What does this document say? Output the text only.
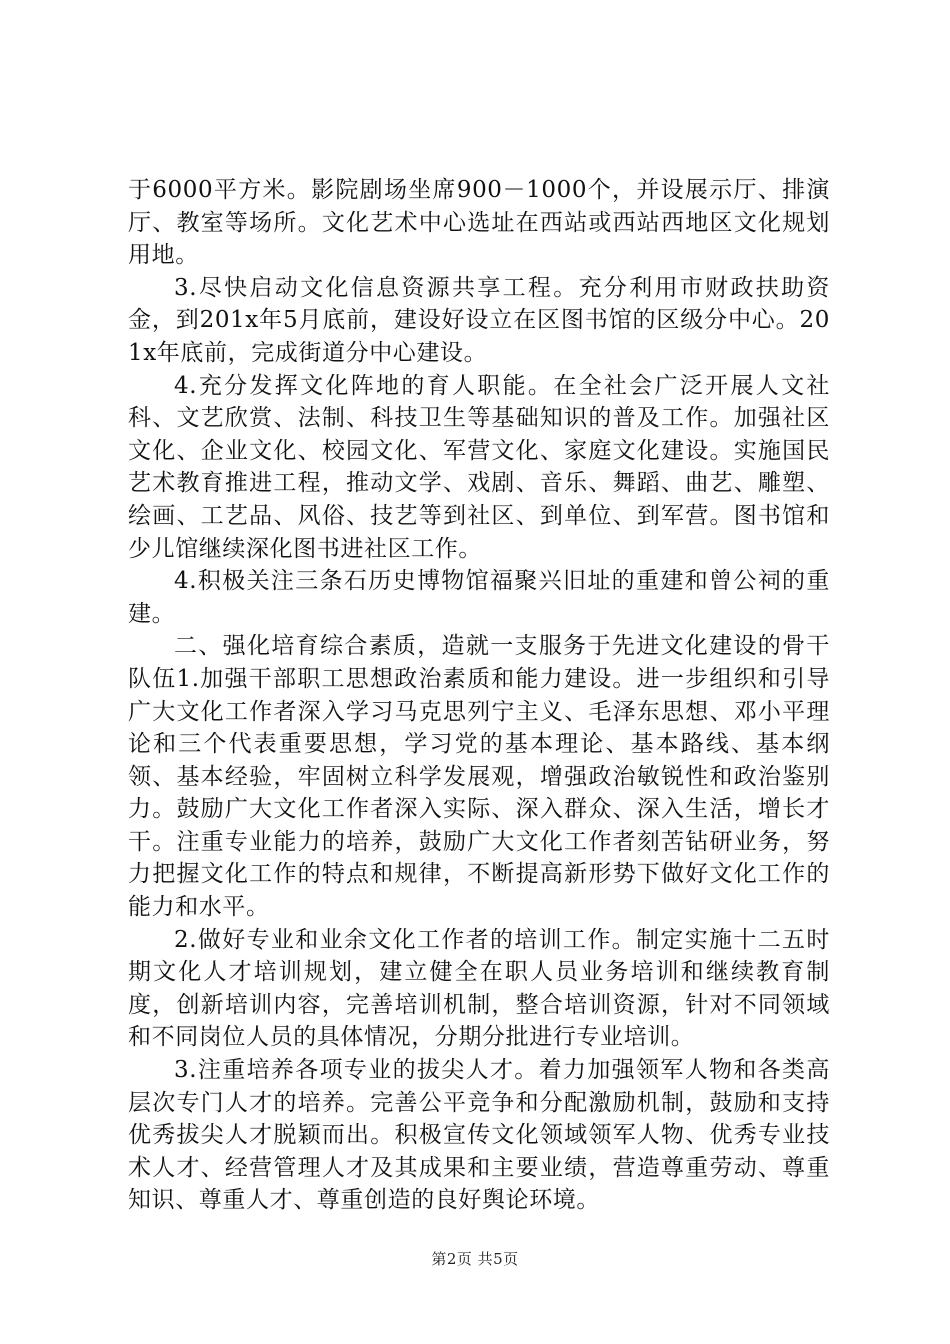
于6000平方米。影院剧场坐席900－1000个，并设展示厅、排演厅、教室等场所。文化艺术中心选址在西站或西站西地区文化规划用地。

3.尽快启动文化信息资源共享工程。充分利用市财政扶助资金，到201x年5月底前，建设好设立在区图书馆的区级分中心。201x年底前，完成街道分中心建设。

4.充分发挥文化阵地的育人职能。在全社会广泛开展人文社科、文艺欣赏、法制、科技卫生等基础知识的普及工作。加强社区文化、企业文化、校园文化、军营文化、家庭文化建设。实施国民艺术教育推进工程，推动文学、戏剧、音乐、舞蹈、曲艺、雕塑、绘画、工艺品、风俗、技艺等到社区、到单位、到军营。图书馆和少儿馆继续深化图书进社区工作。

4.积极关注三条石历史博物馆福聚兴旧址的重建和曾公祠的重建。

二、强化培育综合素质，造就一支服务于先进文化建设的骨干队伍1.加强干部职工思想政治素质和能力建设。进一步组织和引导广大文化工作者深入学习马克思列宁主义、毛泽东思想、邓小平理论和三个代表重要思想，学习党的基本理论、基本路线、基本纲领、基本经验，牢固树立科学发展观，增强政治敏锐性和政治鉴别力。鼓励广大文化工作者深入实际、深入群众、深入生活，增长才干。注重专业能力的培养，鼓励广大文化工作者刻苦钻研业务，努力把握文化工作的特点和规律，不断提高新形势下做好文化工作的能力和水平。

2.做好专业和业余文化工作者的培训工作。制定实施十二五时期文化人才培训规划，建立健全在职人员业务培训和继续教育制度，创新培训内容，完善培训机制，整合培训资源，针对不同领域和不同岗位人员的具体情况，分期分批进行专业培训。

3.注重培养各项专业的拔尖人才。着力加强领军人物和各类高层次专门人才的培养。完善公平竞争和分配激励机制，鼓励和支持优秀拔尖人才脱颖而出。积极宣传文化领域领军人物、优秀专业技术人才、经营管理人才及其成果和主要业绩，营造尊重劳动、尊重知识、尊重人才、尊重创造的良好舆论环境。

第2页 共5页
